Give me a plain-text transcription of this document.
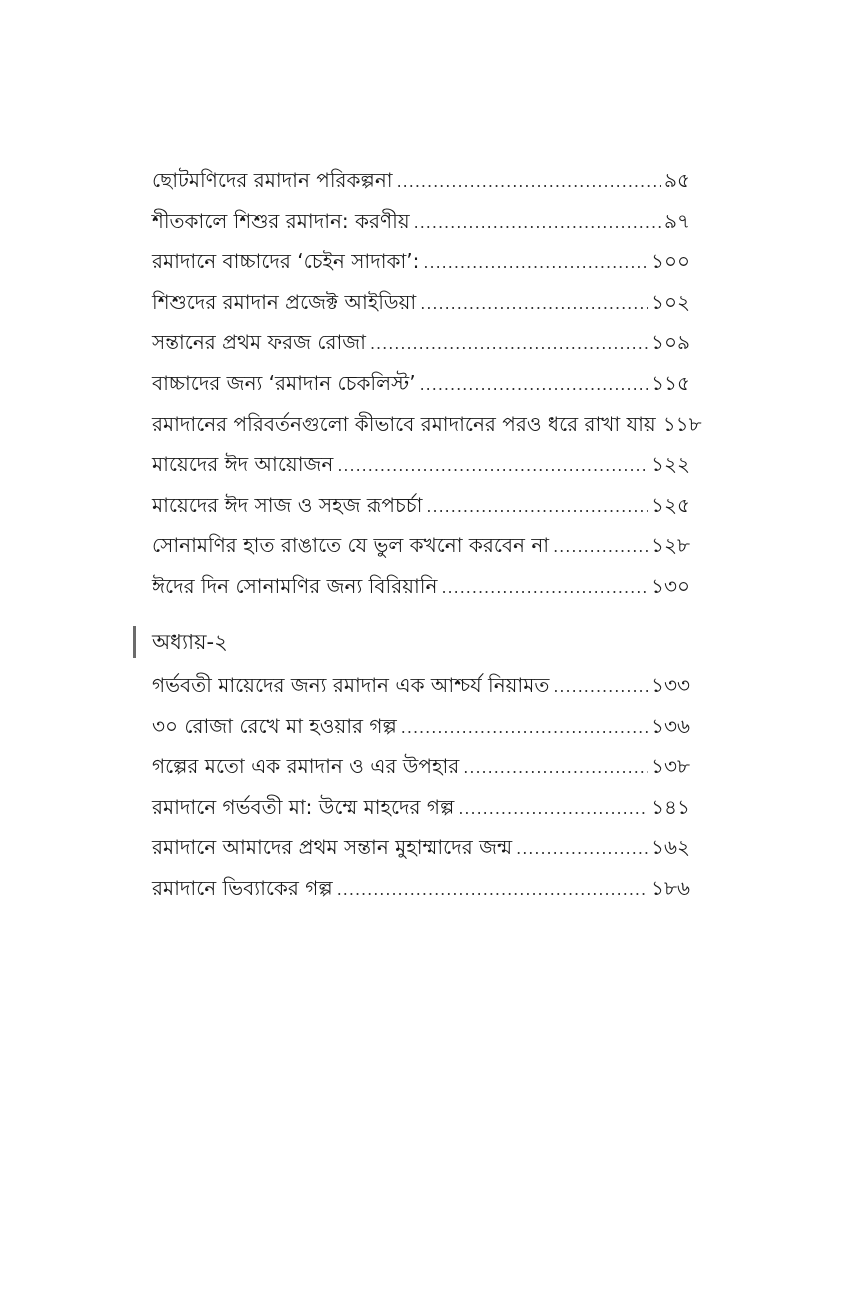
ছোটমণিদের রমাদান পরিকল্পনা .....	৯৫
শীতকালে শিশুর রমাদান: করণীয় .....	৯৭
রমাদানে বাচ্চাদের ‘চেইন সাদাকা’: .....	১০০
শিশুদের রমাদান প্রজেক্ট আইডিয়া .....	১০২
সন্তানের প্রথম ফরজ রোজা .....	১০৯
বাচ্চাদের জন্য ‘রমাদান চেকলিস্ট’ .....	১১৫
রমাদানের পরিবর্তনগুলো কীভাবে রমাদানের পরও ধরে রাখা যায় ১১৮
মায়েদের ঈদ আয়োজন .....	১২২
মায়েদের ঈদ সাজ ও সহজ রূপচর্চা .....	১২৫
সোনামণির হাত রাঙাতে যে ভুল কখনো করবেন না .....	১২৮
ঈদের দিন সোনামণির জন্য বিরিয়ানি .....	১৩০
অধ্যায়-২
গর্ভবতী মায়েদের জন্য রমাদান এক আশ্চর্য নিয়ামত .....	১৩৩
৩০ রোজা রেখে মা হওয়ার গল্প .....	১৩৬
গল্পের মতো এক রমাদান ও এর উপহার .....	১৩৮
রমাদানে গর্ভবতী মা: উম্মে মাহদের গল্প .....	১৪১
রমাদানে আমাদের প্রথম সন্তান মুহাম্মাদের জন্ম .....	১৬২
রমাদানে ভিব্যাকের গল্প .....	১৮৬
